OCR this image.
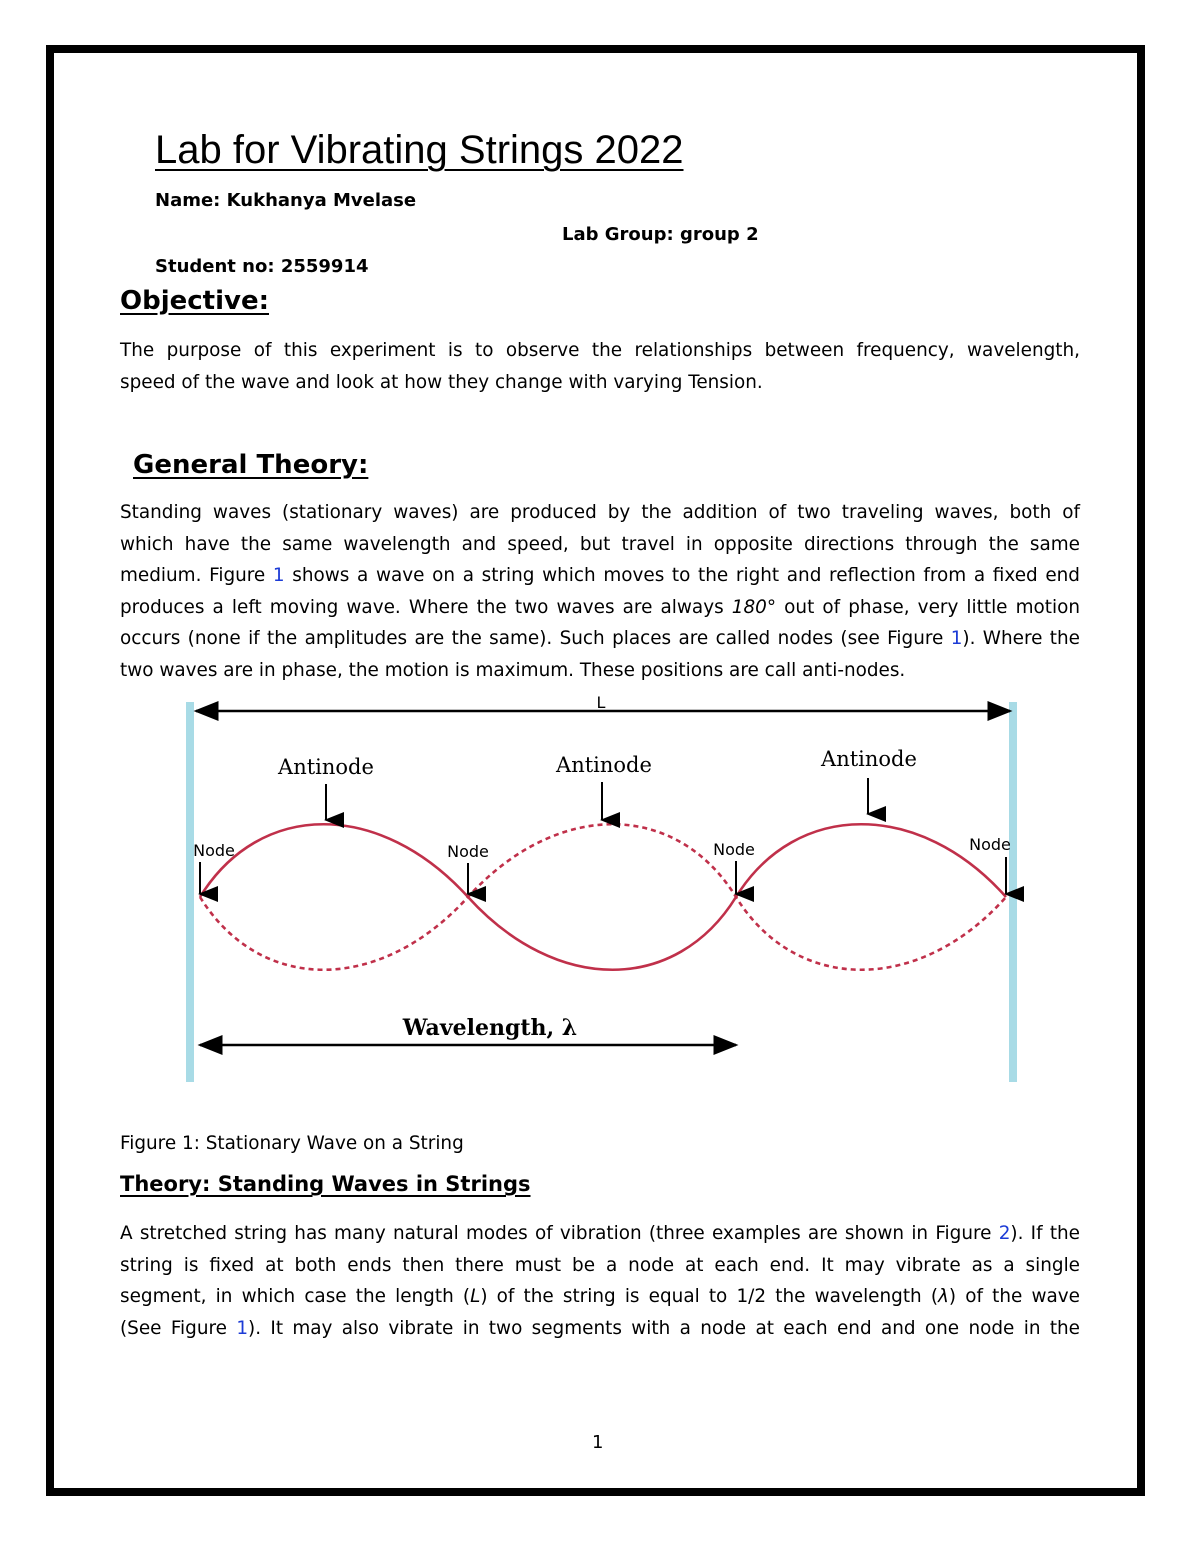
Lab for Vibrating Strings 2022
Name: Kukhanya Mvelase
Lab Group: group 2
Student no: 2559914
Objective:
The purpose of this experiment is to observe the relationships between frequency, wavelength,
speed of the wave and look at how they change with varying Tension.
General Theory:
Standing waves (stationary waves) are produced by the addition of two traveling waves, both of
which have the same wavelength and speed, but travel in opposite directions through the same
medium. Figure 1 shows a wave on a string which moves to the right and reflection from a fixed end
produces a left moving wave. Where the two waves are always 180° out of phase, very little motion
occurs (none if the amplitudes are the same). Such places are called nodes (see Figure 1). Where the
two waves are in phase, the motion is maximum. These positions are call anti-nodes.
L
Antinode	Antinode	Antinode
Node	Node	Node	Node
Wavelength, λ
Figure 1: Stationary Wave on a String
Theory: Standing Waves in Strings
A stretched string has many natural modes of vibration (three examples are shown in Figure 2). If the
string is fixed at both ends then there must be a node at each end. It may vibrate as a single
segment, in which case the length (L) of the string is equal to 1/2 the wavelength (λ) of the wave
(See Figure 1). It may also vibrate in two segments with a node at each end and one node in the
1
